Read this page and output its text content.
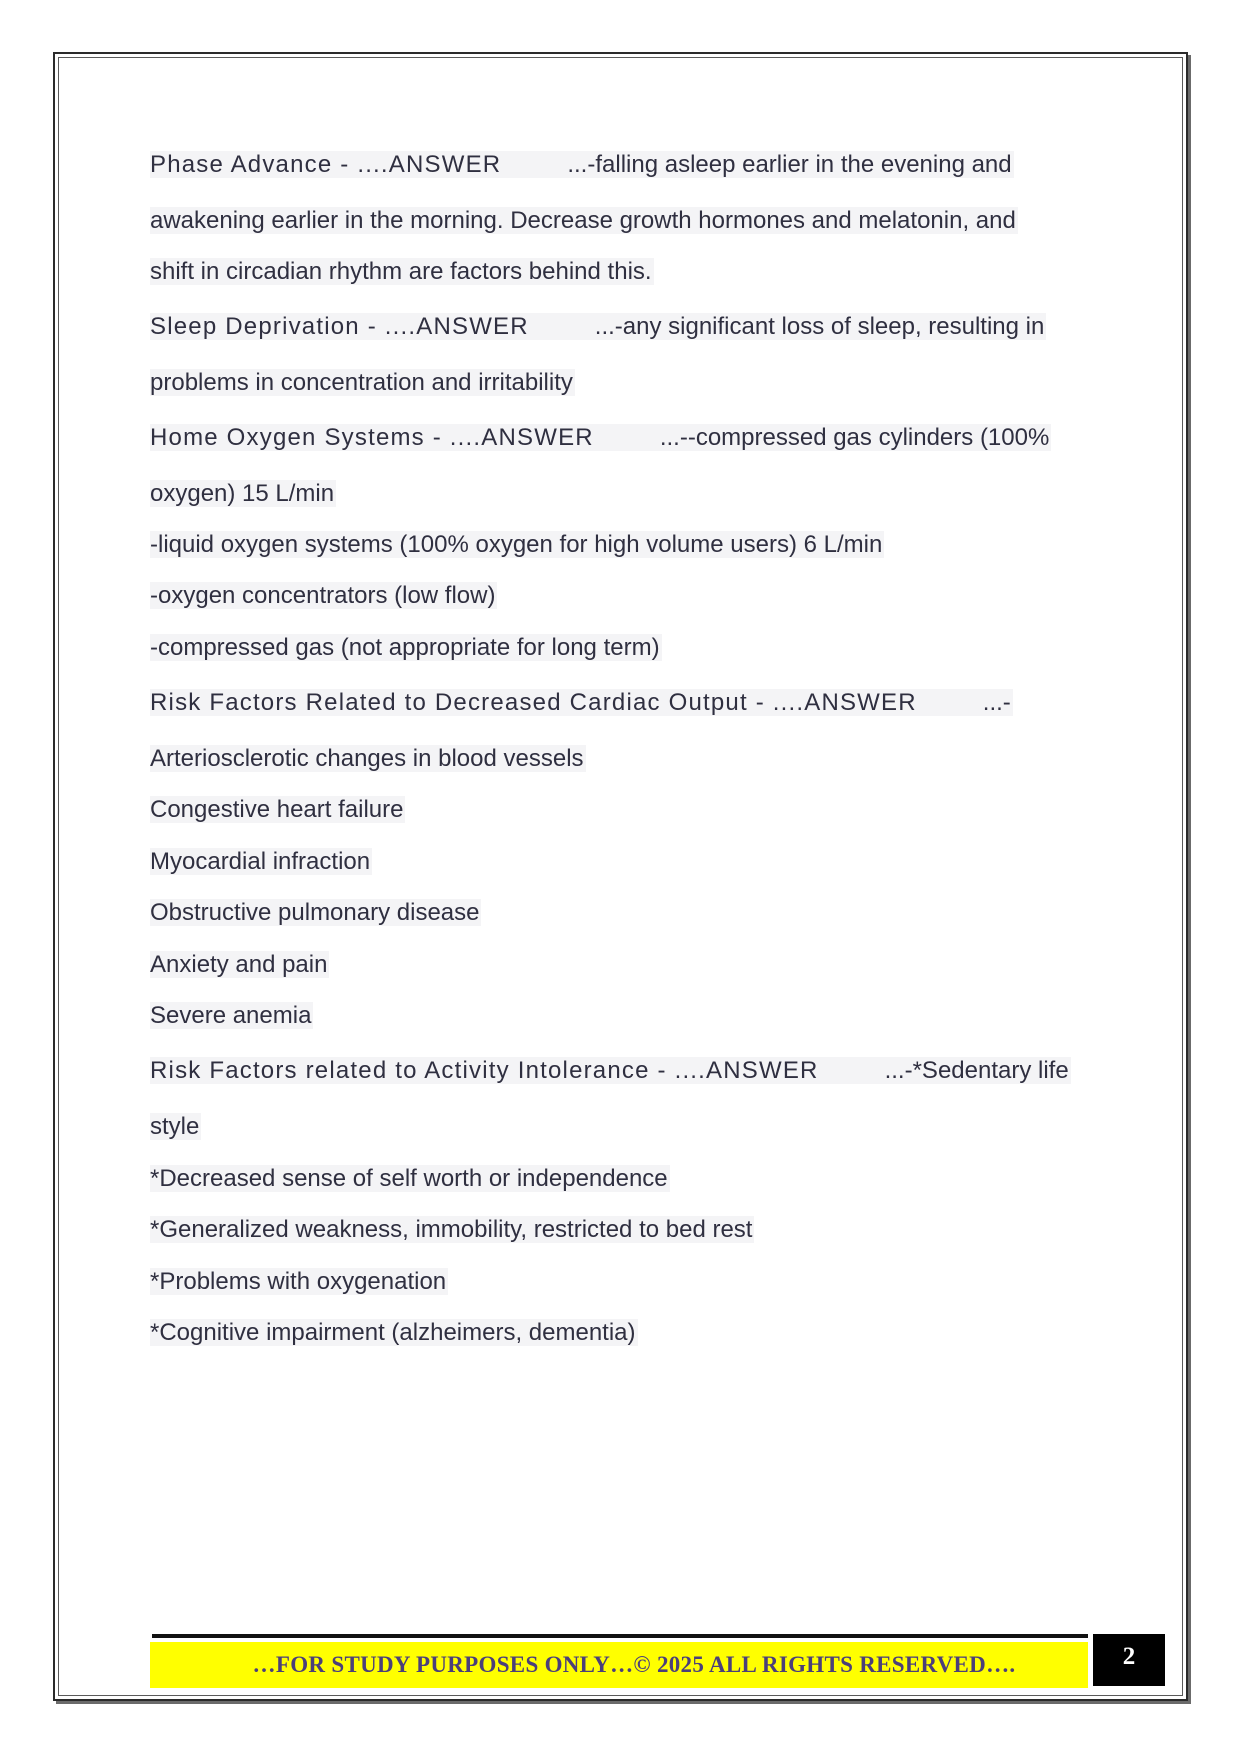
Phase Advance - ....ANSWER	...-falling asleep earlier in the evening and
awakening earlier in the morning. Decrease growth hormones and melatonin, and
shift in circadian rhythm are factors behind this.
Sleep Deprivation - ....ANSWER	...-any significant loss of sleep, resulting in
problems in concentration and irritability
Home Oxygen Systems - ....ANSWER	...--compressed gas cylinders (100%
oxygen) 15 L/min
-liquid oxygen systems (100% oxygen for high volume users) 6 L/min
-oxygen concentrators (low flow)
-compressed gas (not appropriate for long term)
Risk Factors Related to Decreased Cardiac Output - ....ANSWER	...-
Arteriosclerotic changes in blood vessels
Congestive heart failure
Myocardial infraction
Obstructive pulmonary disease
Anxiety and pain
Severe anemia
Risk Factors related to Activity Intolerance - ....ANSWER	...-*Sedentary life
style
*Decreased sense of self worth or independence
*Generalized weakness, immobility, restricted to bed rest
*Problems with oxygenation
*Cognitive impairment (alzheimers, dementia)
…FOR STUDY PURPOSES ONLY…© 2025 ALL RIGHTS RESERVED….	2
